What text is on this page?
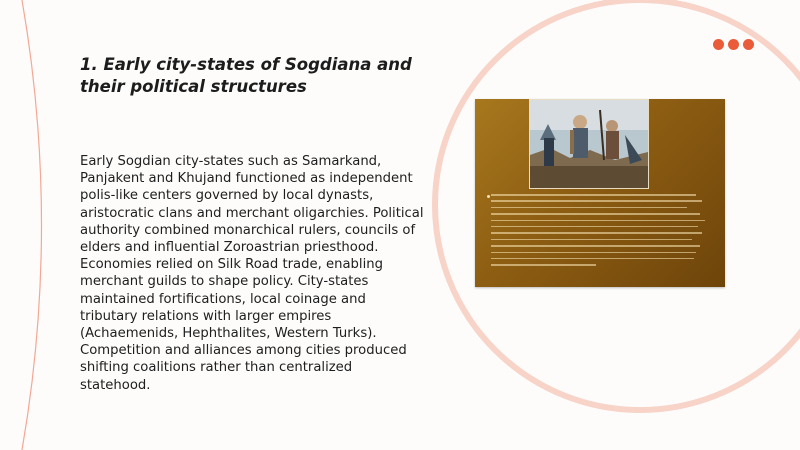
1. Early city-states of Sogdiana and their political structures

Early Sogdian city-states such as Samarkand, Panjakent and Khujand functioned as independent polis-like centers governed by local dynasts, aristocratic clans and merchant oligarchies. Political authority combined monarchical rulers, councils of elders and influential Zoroastrian priesthood. Economies relied on Silk Road trade, enabling merchant guilds to shape policy. City-states maintained fortifications, local coinage and tributary relations with larger empires (Achaemenids, Hephthalites, Western Turks). Competition and alliances among cities produced shifting coalitions rather than centralized statehood.
